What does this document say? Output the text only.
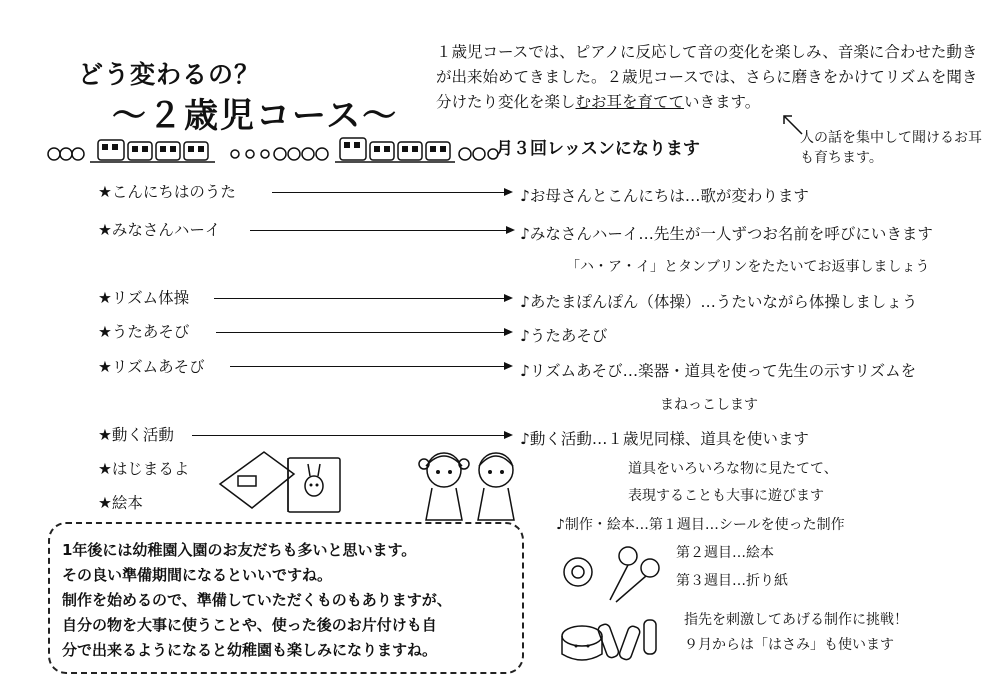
どう変わるの？
～２歳児コース～
１歳児コースでは、ピアノに反応して音の変化を楽しみ、音楽に合わせた動きが出来始めてきました。２歳児コースでは、さらに磨きをかけてリズムを聞き分けたり変化を楽しむお耳を育てていきます。
人の話を集中して聞けるお耳も育ちます。
月３回レッスンになります
★こんにちはのうた
★みなさんハーイ
★リズム体操
★うたあそび
★リズムあそび
★動く活動
★はじまるよ
★絵本
♪お母さんとこんにちは…歌が変わります
♪みなさんハーイ…先生が一人ずつお名前を呼びにいきます
「ハ・ア・イ」とタンブリンをたたいてお返事しましょう
♪あたまぽんぽん（体操）…うたいながら体操しましょう
♪うたあそび
♪リズムあそび…楽器・道具を使って先生の示すリズムを
まねっこします
♪動く活動…１歳児同様、道具を使います
道具をいろいろな物に見たてて、
表現することも大事に遊びます
♪制作・絵本…第１週目…シールを使った制作
第２週目…絵本
第３週目…折り紙
指先を刺激してあげる制作に挑戦！
９月からは「はさみ」も使います
1年後には幼稚園入園のお友だちも多いと思います。
その良い準備期間になるといいですね。
制作を始めるので、準備していただくものもありますが、
自分の物を大事に使うことや、使った後のお片付けも自
分で出来るようになると幼稚園も楽しみになりますね。
